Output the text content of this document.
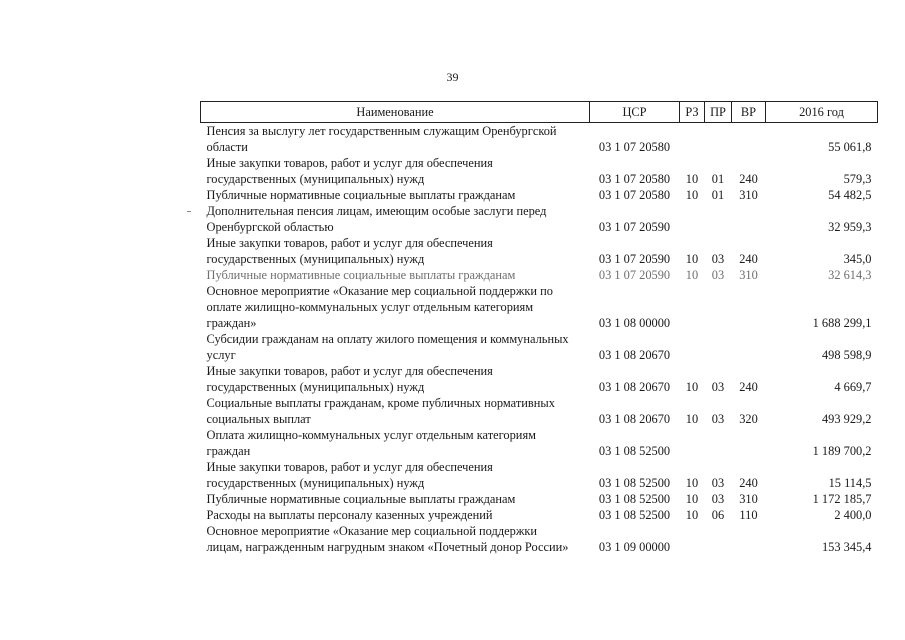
39
Наименование	ЦСР	РЗ	ПР	ВР	2016 год

Пенсия за выслугу лет государственным служащим Оренбургской
области	03 1 07 20580				55 061,8

Иные закупки товаров, работ и услуг для обеспечения
государственных (муниципальных) нужд	03 1 07 20580	10	01	240	579,3

Публичные нормативные социальные выплаты гражданам	03 1 07 20580	10	01	310	54 482,5

Дополнительная пенсия лицам, имеющим особые заслуги перед
Оренбургской областью	03 1 07 20590				32 959,3

Иные закупки товаров, работ и услуг для обеспечения
государственных (муниципальных) нужд	03 1 07 20590	10	03	240	345,0

Публичные нормативные социальные выплаты гражданам	03 1 07 20590	10	03	310	32 614,3

Основное мероприятие «Оказание мер социальной поддержки по
оплате жилищно-коммунальных услуг отдельным категориям
граждан»	03 1 08 00000				1 688 299,1

Субсидии гражданам на оплату жилого помещения и коммунальных
услуг	03 1 08 20670				498 598,9

Иные закупки товаров, работ и услуг для обеспечения
государственных (муниципальных) нужд	03 1 08 20670	10	03	240	4 669,7

Социальные выплаты гражданам, кроме публичных нормативных
социальных выплат	03 1 08 20670	10	03	320	493 929,2

Оплата жилищно-коммунальных услуг отдельным категориям
граждан	03 1 08 52500				1 189 700,2

Иные закупки товаров, работ и услуг для обеспечения
государственных (муниципальных) нужд	03 1 08 52500	10	03	240	15 114,5

Публичные нормативные социальные выплаты гражданам	03 1 08 52500	10	03	310	1 172 185,7

Расходы на выплаты персоналу казенных учреждений	03 1 08 52500	10	06	110	2 400,0

Основное мероприятие «Оказание мер социальной поддержки
лицам, награжденным нагрудным знаком «Почетный донор России»	03 1 09 00000				153 345,4
